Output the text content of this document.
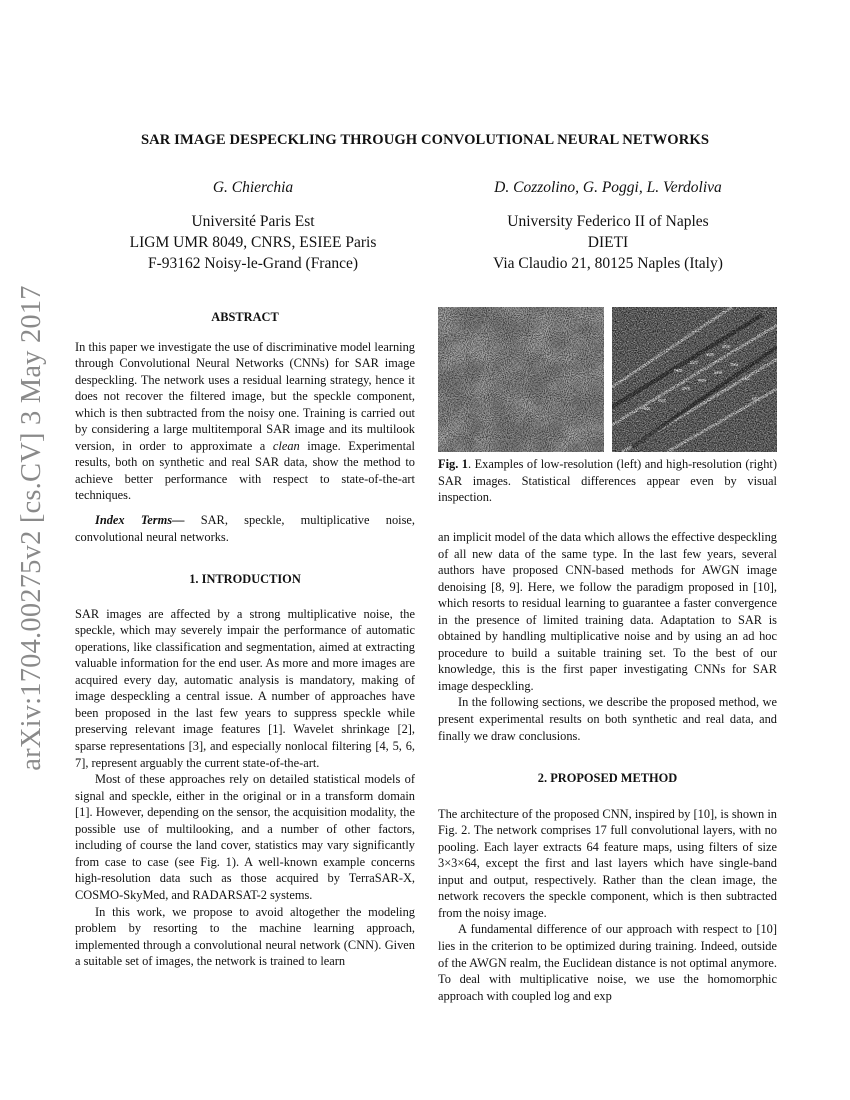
arXiv:1704.00275v2 [cs.CV] 3 May 2017
SAR IMAGE DESPECKLING THROUGH CONVOLUTIONAL NEURAL NETWORKS
G. Chierchia
Université Paris Est
LIGM UMR 8049, CNRS, ESIEE Paris
F-93162 Noisy-le-Grand (France)
D. Cozzolino, G. Poggi, L. Verdoliva
University Federico II of Naples
DIETI
Via Claudio 21, 80125 Naples (Italy)
ABSTRACT

In this paper we investigate the use of discriminative model learning through Convolutional Neural Networks (CNNs) for SAR image despeckling. The network uses a residual learning strategy, hence it does not recover the filtered image, but the speckle component, which is then subtracted from the noisy one. Training is carried out by considering a large multitemporal SAR image and its multilook version, in order to approximate a clean image. Experimental results, both on synthetic and real SAR data, show the method to achieve better performance with respect to state-of-the-art techniques.

Index Terms— SAR, speckle, multiplicative noise, convolutional neural networks.

1. INTRODUCTION

SAR images are affected by a strong multiplicative noise, the speckle, which may severely impair the performance of automatic operations, like classification and segmentation, aimed at extracting valuable information for the end user. As more and more images are acquired every day, automatic analysis is mandatory, making of image despeckling a central issue. A number of approaches have been proposed in the last few years to suppress speckle while preserving relevant image features [1]. Wavelet shrinkage [2], sparse representations [3], and especially nonlocal filtering [4, 5, 6, 7], represent arguably the current state-of-the-art.

Most of these approaches rely on detailed statistical models of signal and speckle, either in the original or in a transform domain [1]. However, depending on the sensor, the acquisition modality, the possible use of multilooking, and a number of other factors, including of course the land cover, statistics may vary significantly from case to case (see Fig. 1). A well-known example concerns high-resolution data such as those acquired by TerraSAR-X, COSMO-SkyMed, and RADARSAT-2 systems.

In this work, we propose to avoid altogether the modeling problem by resorting to the machine learning approach, implemented through a convolutional neural network (CNN). Given a suitable set of images, the network is trained to learn

Fig. 1. Examples of low-resolution (left) and high-resolution (right) SAR images. Statistical differences appear even by visual inspection.

an implicit model of the data which allows the effective despeckling of all new data of the same type. In the last few years, several authors have proposed CNN-based methods for AWGN image denoising [8, 9]. Here, we follow the paradigm proposed in [10], which resorts to residual learning to guarantee a faster convergence in the presence of limited training data. Adaptation to SAR is obtained by handling multiplicative noise and by using an ad hoc procedure to build a suitable training set. To the best of our knowledge, this is the first paper investigating CNNs for SAR image despeckling.

In the following sections, we describe the proposed method, we present experimental results on both synthetic and real data, and finally we draw conclusions.

2. PROPOSED METHOD

The architecture of the proposed CNN, inspired by [10], is shown in Fig. 2. The network comprises 17 full convolutional layers, with no pooling. Each layer extracts 64 feature maps, using filters of size 3×3×64, except the first and last layers which have single-band input and output, respectively. Rather than the clean image, the network recovers the speckle component, which is then subtracted from the noisy image.

A fundamental difference of our approach with respect to [10] lies in the criterion to be optimized during training. Indeed, outside of the AWGN realm, the Euclidean distance is not optimal anymore. To deal with multiplicative noise, we use the homomorphic approach with coupled log and exp
